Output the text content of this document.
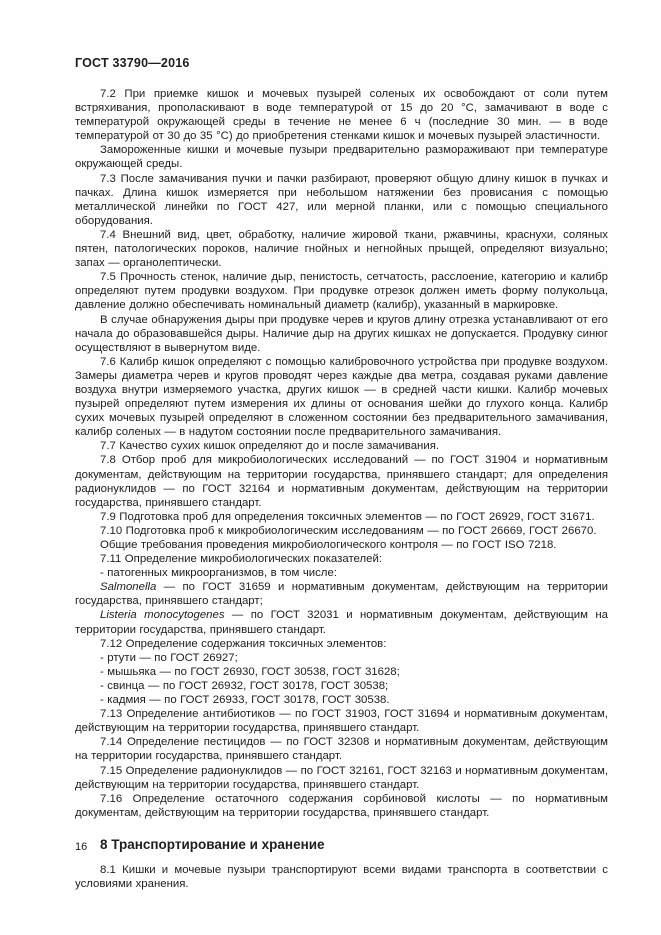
ГОСТ 33790—2016

7.2 При приемке кишок и мочевых пузырей соленых их освобождают от соли путем встряхивания, прополаскивают в воде температурой от 15 до 20 °С, замачивают в воде с температурой окружающей среды в течение не менее 6 ч (последние 30 мин. — в воде температурой от 30 до 35 °С) до приобретения стенками кишок и мочевых пузырей эластичности.

Замороженные кишки и мочевые пузыри предварительно размораживают при температуре окружающей среды.

7.3 После замачивания пучки и пачки разбирают, проверяют общую длину кишок в пучках и пачках. Длина кишок измеряется при небольшом натяжении без провисания с помощью металлической линейки по ГОСТ 427, или мерной планки, или с помощью специального оборудования.

7.4 Внешний вид, цвет, обработку, наличие жировой ткани, ржавчины, краснухи, соляных пятен, патологических пороков, наличие гнойных и негнойных прыщей, определяют визуально; запах — органолептически.

7.5 Прочность стенок, наличие дыр, пенистость, сетчатость, расслоение, категорию и калибр определяют путем продувки воздухом. При продувке отрезок должен иметь форму полукольца, давление должно обеспечивать номинальный диаметр (калибр), указанный в маркировке.

В случае обнаружения дыры при продувке черев и кругов длину отрезка устанавливают от его начала до образовавшейся дыры. Наличие дыр на других кишках не допускается. Продувку синюг осуществляют в вывернутом виде.

7.6 Калибр кишок определяют с помощью калибровочного устройства при продувке воздухом. Замеры диаметра черев и кругов проводят через каждые два метра, создавая руками давление воздуха внутри измеряемого участка, других кишок — в средней части кишки. Калибр мочевых пузырей определяют путем измерения их длины от основания шейки до глухого конца. Калибр сухих мочевых пузырей определяют в сложенном состоянии без предварительного замачивания, калибр соленых — в надутом состоянии после предварительного замачивания.

7.7 Качество сухих кишок определяют до и после замачивания.

7.8 Отбор проб для микробиологических исследований — по ГОСТ 31904 и нормативным документам, действующим на территории государства, принявшего стандарт; для определения радионуклидов — по ГОСТ 32164 и нормативным документам, действующим на территории государства, принявшего стандарт.

7.9 Подготовка проб для определения токсичных элементов — по ГОСТ 26929, ГОСТ 31671.

7.10 Подготовка проб к микробиологическим исследованиям — по ГОСТ 26669, ГОСТ 26670.

Общие требования проведения микробиологического контроля — по ГОСТ ISO 7218.

7.11 Определение микробиологических показателей:

- патогенных микроорганизмов, в том числе:

Salmonella — по ГОСТ 31659 и нормативным документам, действующим на территории государства, принявшего стандарт;

Listeria monocytogenes — по ГОСТ 32031 и нормативным документам, действующим на территории государства, принявшего стандарт.

7.12 Определение содержания токсичных элементов:

- ртути — по ГОСТ 26927;

- мышьяка — по ГОСТ 26930, ГОСТ 30538, ГОСТ 31628;

- свинца — по ГОСТ 26932, ГОСТ 30178, ГОСТ 30538;

- кадмия — по ГОСТ 26933, ГОСТ 30178, ГОСТ 30538.

7.13 Определение антибиотиков — по ГОСТ 31903, ГОСТ 31694 и нормативным документам, действующим на территории государства, принявшего стандарт.

7.14 Определение пестицидов — по ГОСТ 32308 и нормативным документам, действующим на территории государства, принявшего стандарт.

7.15 Определение радионуклидов — по ГОСТ 32161, ГОСТ 32163 и нормативным документам, действующим на территории государства, принявшего стандарт.

7.16 Определение остаточного содержания сорбиновой кислоты — по нормативным документам, действующим на территории государства, принявшего стандарт.

8 Транспортирование и хранение

8.1 Кишки и мочевые пузыри транспортируют всеми видами транспорта в соответствии с условиями хранения.

16
